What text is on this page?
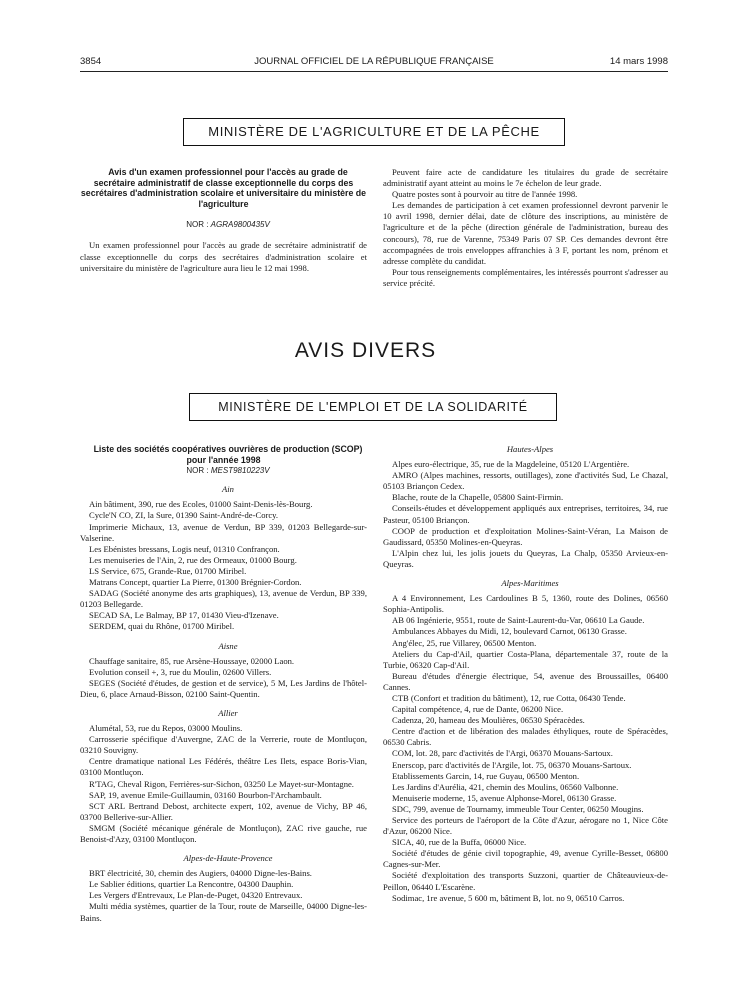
3854	JOURNAL OFFICIEL DE LA RÉPUBLIQUE FRANÇAISE	14 mars 1998
MINISTÈRE DE L'AGRICULTURE ET DE LA PÊCHE

Avis d'un examen professionnel pour l'accès au grade de secrétaire administratif de classe exceptionnelle du corps des secrétaires d'administration scolaire et universitaire du ministère de l'agriculture

NOR : AGRA9800435V

Un examen professionnel pour l'accès au grade de secrétaire administratif de classe exceptionnelle du corps des secrétaires d'administration scolaire et universitaire du ministère de l'agriculture aura lieu le 12 mai 1998.

Peuvent faire acte de candidature les titulaires du grade de secrétaire administratif ayant atteint au moins le 7e échelon de leur grade.

Quatre postes sont à pourvoir au titre de l'année 1998.

Les demandes de participation à cet examen professionnel devront parvenir le 10 avril 1998, dernier délai, date de clôture des inscriptions, au ministère de l'agriculture et de la pêche (direction générale de l'administration, bureau des concours), 78, rue de Varenne, 75349 Paris 07 SP. Ces demandes devront être accompagnées de trois enveloppes affranchies à 3 F, portant les nom, prénom et adresse complète du candidat.

Pour tous renseignements complémentaires, les intéressés pourront s'adresser au service précité.

AVIS DIVERS
MINISTÈRE DE L'EMPLOI ET DE LA SOLIDARITÉ

Liste des sociétés coopératives ouvrières de production (SCOP) pour l'année 1998

NOR : MEST9810223V

Ain

Ain bâtiment, 390, rue des Ecoles, 01000 Saint-Denis-lès-Bourg.

Cycle'N CO, ZI, la Sure, 01390 Saint-André-de-Corcy.

Imprimerie Michaux, 13, avenue de Verdun, BP 339, 01203 Bellegarde-sur-Valserine.

Les Ebénistes bressans, Logis neuf, 01310 Confrançon.

Les menuiseries de l'Ain, 2, rue des Ormeaux, 01000 Bourg.

LS Service, 675, Grande-Rue, 01700 Miribel.

Matrans Concept, quartier La Pierre, 01300 Brégnier-Cordon.

SADAG (Société anonyme des arts graphiques), 13, avenue de Verdun, BP 339, 01203 Bellegarde.

SECAD SA, Le Balmay, BP 17, 01430 Vieu-d'Izenave.

SERDEM, quai du Rhône, 01700 Miribel.

Aisne

Chauffage sanitaire, 85, rue Arsène-Houssaye, 02000 Laon.

Evolution conseil +, 3, rue du Moulin, 02600 Villers.

SEGES (Société d'études, de gestion et de service), 5 M, Les Jardins de l'hôtel-Dieu, 6, place Arnaud-Bisson, 02100 Saint-Quentin.

Allier

Alumétal, 53, rue du Repos, 03000 Moulins.

Carrosserie spécifique d'Auvergne, ZAC de la Verrerie, route de Montluçon, 03210 Souvigny.

Centre dramatique national Les Fédérés, théâtre Les Ilets, espace Boris-Vian, 03100 Montluçon.

R'TAG, Cheval Rigon, Ferrières-sur-Sichon, 03250 Le Mayet-sur-Montagne.

SAP, 19, avenue Emile-Guillaumin, 03160 Bourbon-l'Archambault.

SCT ARL Bertrand Debost, architecte expert, 102, avenue de Vichy, BP 46, 03700 Bellerive-sur-Allier.

SMGM (Société mécanique générale de Montluçon), ZAC rive gauche, rue Benoist-d'Azy, 03100 Montluçon.

Alpes-de-Haute-Provence

BRT électricité, 30, chemin des Augiers, 04000 Digne-les-Bains.

Le Sablier éditions, quartier La Rencontre, 04300 Dauphin.

Les Vergers d'Entrevaux, Le Plan-de-Puget, 04320 Entrevaux.

Multi média systèmes, quartier de la Tour, route de Marseille, 04000 Digne-les-Bains.

Hautes-Alpes

Alpes euro-électrique, 35, rue de la Magdeleine, 05120 L'Argentière.

AMRO (Alpes machines, ressorts, outillages), zone d'activités Sud, Le Chazal, 05103 Briançon Cedex.

Blache, route de la Chapelle, 05800 Saint-Firmin.

Conseils-études et développement appliqués aux entreprises, territoires, 34, rue Pasteur, 05100 Briançon.

COOP de production et d'exploitation Molines-Saint-Véran, La Maison de Gaudissard, 05350 Molines-en-Queyras.

L'Alpin chez lui, les jolis jouets du Queyras, La Chalp, 05350 Arvieux-en-Queyras.

Alpes-Maritimes

A 4 Environnement, Les Cardoulines B 5, 1360, route des Dolines, 06560 Sophia-Antipolis.

AB 06 Ingénierie, 9551, route de Saint-Laurent-du-Var, 06610 La Gaude.

Ambulances Abbayes du Midi, 12, boulevard Carnot, 06130 Grasse.

Ang'élec, 25, rue Villarey, 06500 Menton.

Ateliers du Cap-d'Ail, quartier Costa-Plana, départementale 37, route de la Turbie, 06320 Cap-d'Ail.

Bureau d'études d'énergie électrique, 54, avenue des Broussailles, 06400 Cannes.

CTB (Confort et tradition du bâtiment), 12, rue Cotta, 06430 Tende.

Capital compétence, 4, rue de Dante, 06200 Nice.

Cadenza, 20, hameau des Moulières, 06530 Spéracèdes.

Centre d'action et de libération des malades éthyliques, route de Spéracèdes, 06530 Cabris.

COM, lot. 28, parc d'activités de l'Argi, 06370 Mouans-Sartoux.

Enerscop, parc d'activités de l'Argile, lot. 75, 06370 Mouans-Sartoux.

Etablissements Garcin, 14, rue Guyau, 06500 Menton.

Les Jardins d'Aurélia, 421, chemin des Moulins, 06560 Valbonne.

Menuiserie moderne, 15, avenue Alphonse-Morel, 06130 Grasse.

SDC, 799, avenue de Tournamy, immeuble Tour Center, 06250 Mougins.

Service des porteurs de l'aéroport de la Côte d'Azur, aérogare no 1, Nice Côte d'Azur, 06200 Nice.

SICA, 40, rue de la Buffa, 06000 Nice.

Société d'études de génie civil topographie, 49, avenue Cyrille-Besset, 06800 Cagnes-sur-Mer.

Société d'exploitation des transports Suzzoni, quartier de Châteauvieux-de-Peillon, 06440 L'Escarène.

Sodimac, 1re avenue, 5 600 m, bâtiment B, lot. no 9, 06510 Carros.
